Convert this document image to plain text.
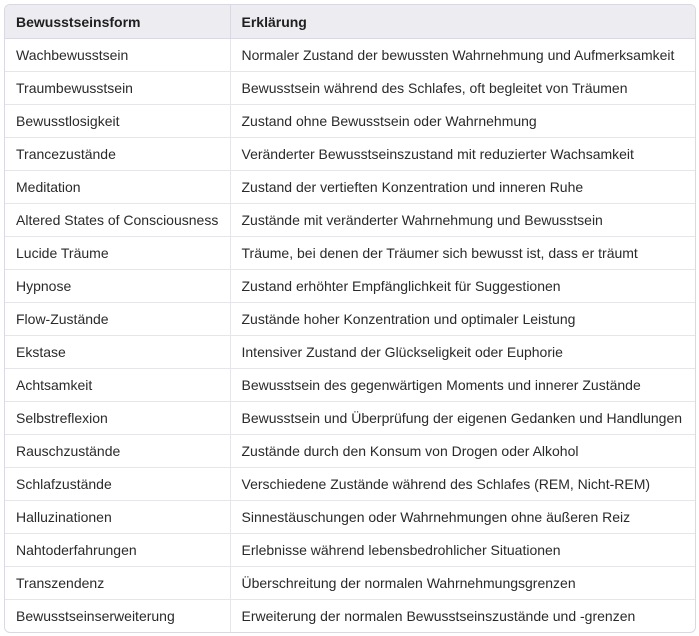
Bewusstseinsform	Erklärung
Wachbewusstsein	Normaler Zustand der bewussten Wahrnehmung und Aufmerksamkeit
Traumbewusstsein	Bewusstsein während des Schlafes, oft begleitet von Träumen
Bewusstlosigkeit	Zustand ohne Bewusstsein oder Wahrnehmung
Trancezustände	Veränderter Bewusstseinszustand mit reduzierter Wachsamkeit
Meditation	Zustand der vertieften Konzentration und inneren Ruhe
Altered States of Consciousness	Zustände mit veränderter Wahrnehmung und Bewusstsein
Lucide Träume	Träume, bei denen der Träumer sich bewusst ist, dass er träumt
Hypnose	Zustand erhöhter Empfänglichkeit für Suggestionen
Flow-Zustände	Zustände hoher Konzentration und optimaler Leistung
Ekstase	Intensiver Zustand der Glückseligkeit oder Euphorie
Achtsamkeit	Bewusstsein des gegenwärtigen Moments und innerer Zustände
Selbstreflexion	Bewusstsein und Überprüfung der eigenen Gedanken und Handlungen
Rauschzustände	Zustände durch den Konsum von Drogen oder Alkohol
Schlafzustände	Verschiedene Zustände während des Schlafes (REM, Nicht-REM)
Halluzinationen	Sinnestäuschungen oder Wahrnehmungen ohne äußeren Reiz
Nahtoderfahrungen	Erlebnisse während lebensbedrohlicher Situationen
Transzendenz	Überschreitung der normalen Wahrnehmungsgrenzen
Bewusstseinserweiterung	Erweiterung der normalen Bewusstseinszustände und -grenzen
